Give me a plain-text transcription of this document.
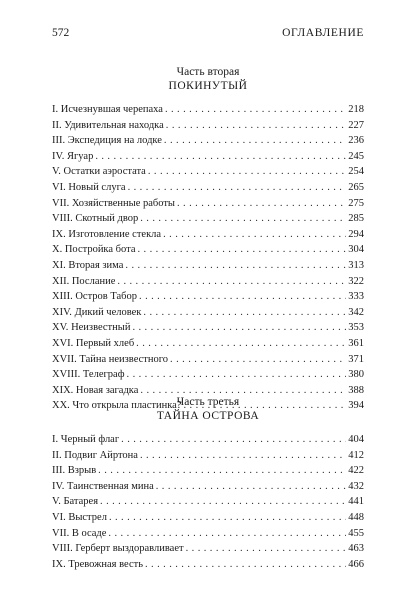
572	ОГЛАВЛЕНИЕ
Часть вторая
ПОКИНУТЫЙ
I. Исчезнувшая черепаха . . .	218
II. Удивительная находка . . .	227
III. Экспедиция на лодке . . .	236
IV. Ягуар . . .	245
V. Остатки аэростата . . .	254
VI. Новый слуга . . .	265
VII. Хозяйственные работы . . .	275
VIII. Скотный двор . . .	285
IX. Изготовление стекла . . .	294
X. Постройка бота . . .	304
XI. Вторая зима . . .	313
XII. Послание . . .	322
XIII. Остров Табор . . .	333
XIV. Дикий человек . . .	342
XV. Неизвестный . . .	353
XVI. Первый хлеб . . .	361
XVII. Тайна неизвестного . . .	371
XVIII. Телеграф . . .	380
XIX. Новая загадка . . .	388
XX. Что открыла пластинка? . . .	394
Часть третья
ТАЙНА ОСТРОВА
I. Черный флаг . . .	404
II. Подвиг Айртона . . .	412
III. Взрыв . . .	422
IV. Таинственная мина . . .	432
V. Батарея . . .	441
VI. Выстрел . . .	448
VII. В осаде . . .	455
VIII. Герберт выздоравливает . . .	463
IX. Тревожная весть . . .	466
